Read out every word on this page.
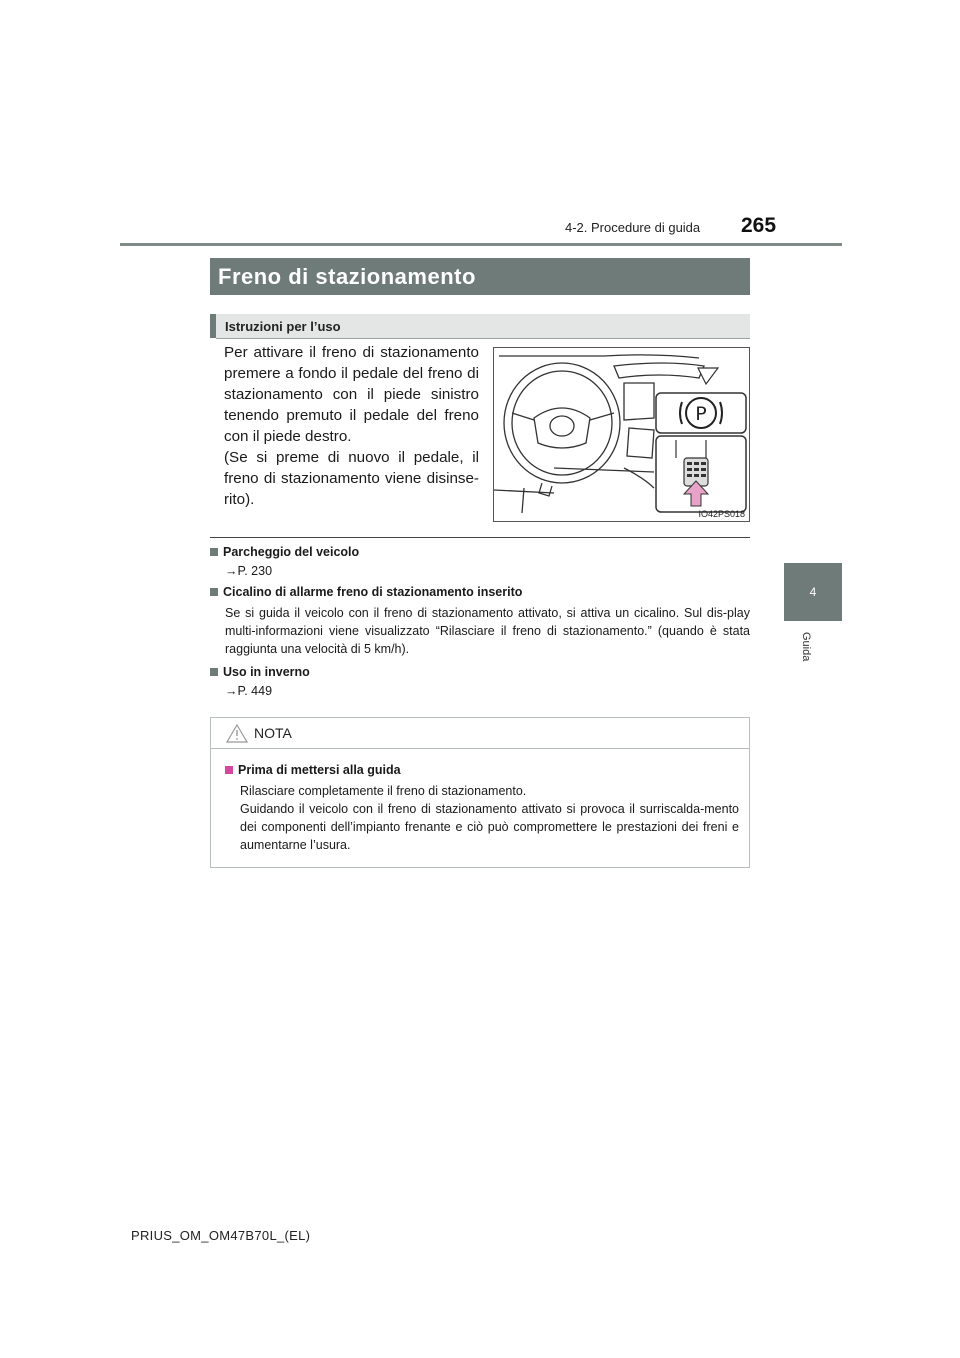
4-2. Procedure di guida 265
4
Guida
Freno di stazionamento
Istruzioni per l’uso

Per attivare il freno di stazionamento premere a fondo il pedale del freno di stazionamento con il piede sinistro tenendo premuto il pedale del freno con il piede destro.

(Se si preme di nuovo il pedale, il freno di stazionamento viene disinse-rito).

P
IO42PS018
Parcheggio del veicolo
→P. 230
Cicalino di allarme freno di stazionamento inserito
Se si guida il veicolo con il freno di stazionamento attivato, si attiva un cicalino. Sul dis-play multi-informazioni viene visualizzato “Rilasciare il freno di stazionamento.” (quando è stata raggiunta una velocità di 5 km/h).
Uso in inverno
→P. 449
NOTA
Prima di mettersi alla guida
Rilasciare completamente il freno di stazionamento.
Guidando il veicolo con il freno di stazionamento attivato si provoca il surriscalda-mento dei componenti dell’impianto frenante e ciò può compromettere le prestazioni dei freni e aumentarne l’usura.
PRIUS_OM_OM47B70L_(EL)
